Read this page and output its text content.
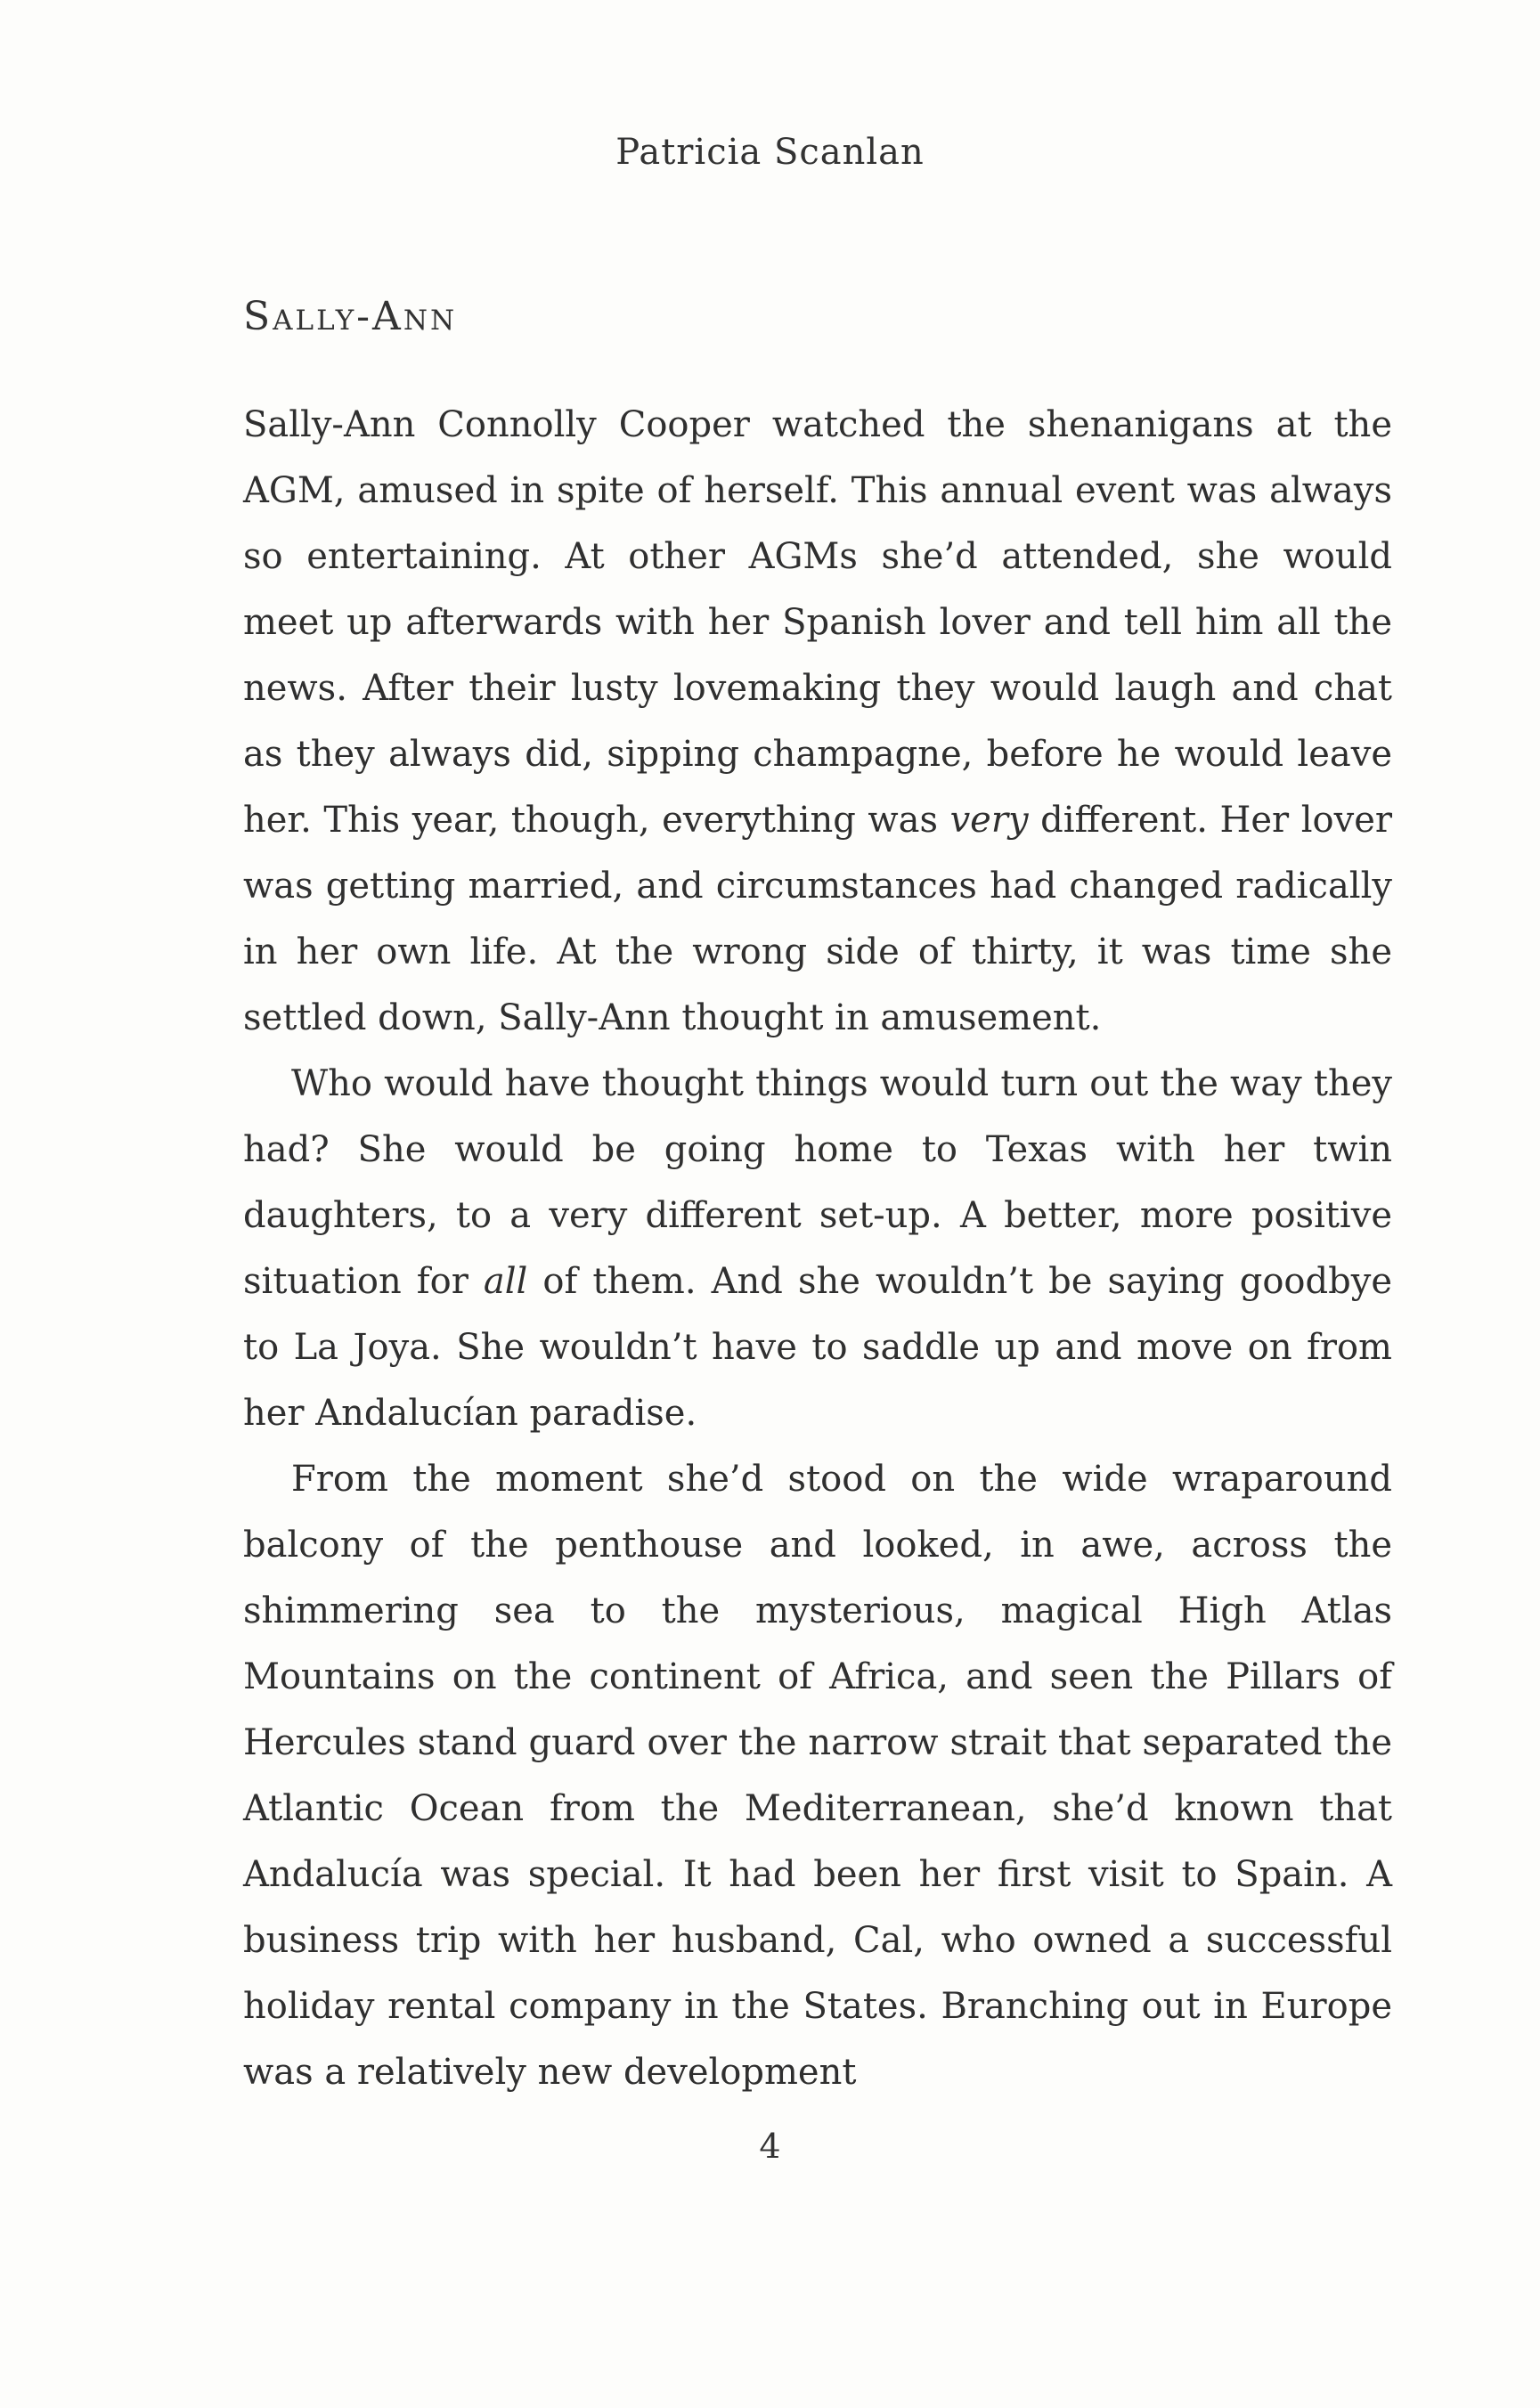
Patricia Scanlan
Sally-Ann

Sally-Ann Connolly Cooper watched the shenanigans at the AGM, amused in spite of herself. This annual event was always so entertaining. At other AGMs she’d attended, she would meet up afterwards with her Spanish lover and tell him all the news. After their lusty lovemaking they would laugh and chat as they always did, sipping champagne, before he would leave her. This year, though, everything was very different. Her lover was getting married, and circumstances had changed radically in her own life. At the wrong side of thirty, it was time she settled down, Sally-Ann thought in amusement.

Who would have thought things would turn out the way they had? She would be going home to Texas with her twin daughters, to a very different set-up. A better, more positive situation for all of them. And she wouldn’t be saying goodbye to La Joya. She wouldn’t have to saddle up and move on from her Andalucían paradise.

From the moment she’d stood on the wide wraparound balcony of the penthouse and looked, in awe, across the shimmering sea to the mysterious, magical High Atlas Mountains on the continent of Africa, and seen the Pillars of Hercules stand guard over the narrow strait that separated the Atlantic Ocean from the Mediterranean, she’d known that Andalucía was special. It had been her first visit to Spain. A business trip with her husband, Cal, who owned a successful holiday rental company in the States. Branching out in Europe was a relatively new development

4
